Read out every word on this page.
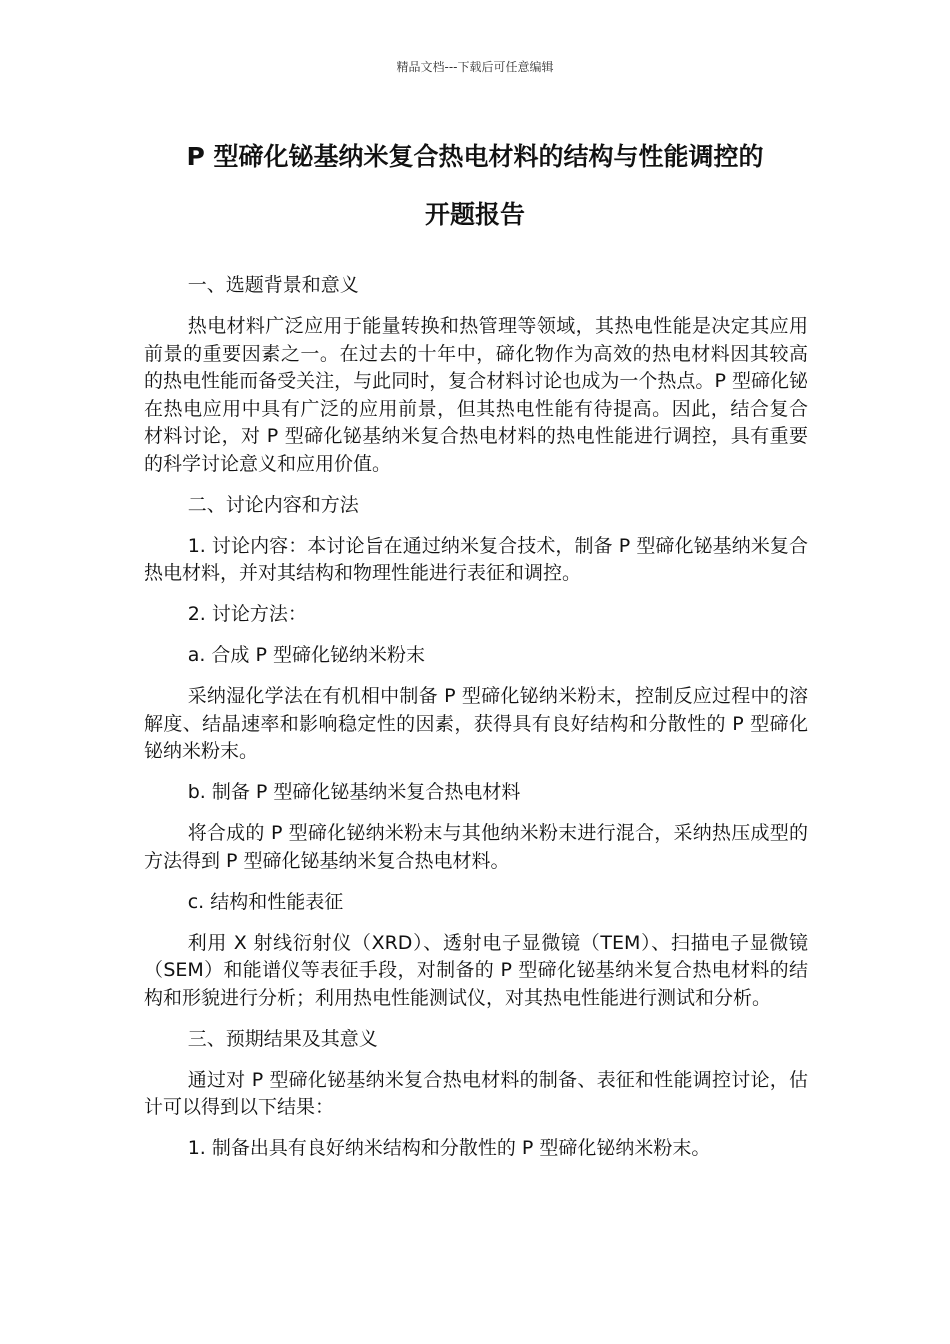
精品文档---下载后可任意编辑
P 型碲化铋基纳米复合热电材料的结构与性能调控的
开题报告

一、选题背景和意义

热电材料广泛应用于能量转换和热管理等领域，其热电性能是决定其应用前景的重要因素之一。在过去的十年中，碲化物作为高效的热电材料因其较高的热电性能而备受关注，与此同时，复合材料讨论也成为一个热点。P 型碲化铋在热电应用中具有广泛的应用前景，但其热电性能有待提高。因此，结合复合材料讨论，对 P 型碲化铋基纳米复合热电材料的热电性能进行调控，具有重要的科学讨论意义和应用价值。

二、讨论内容和方法

1. 讨论内容：本讨论旨在通过纳米复合技术，制备 P 型碲化铋基纳米复合热电材料，并对其结构和物理性能进行表征和调控。

2. 讨论方法：

a. 合成 P 型碲化铋纳米粉末

采纳湿化学法在有机相中制备 P 型碲化铋纳米粉末，控制反应过程中的溶解度、结晶速率和影响稳定性的因素，获得具有良好结构和分散性的 P 型碲化铋纳米粉末。

b. 制备 P 型碲化铋基纳米复合热电材料

将合成的 P 型碲化铋纳米粉末与其他纳米粉末进行混合，采纳热压成型的方法得到 P 型碲化铋基纳米复合热电材料。

c. 结构和性能表征

利用 X 射线衍射仪（XRD）、透射电子显微镜（TEM）、扫描电子显微镜（SEM）和能谱仪等表征手段，对制备的 P 型碲化铋基纳米复合热电材料的结构和形貌进行分析；利用热电性能测试仪，对其热电性能进行测试和分析。

三、预期结果及其意义

通过对 P 型碲化铋基纳米复合热电材料的制备、表征和性能调控讨论，估计可以得到以下结果：

1. 制备出具有良好纳米结构和分散性的 P 型碲化铋纳米粉末。
